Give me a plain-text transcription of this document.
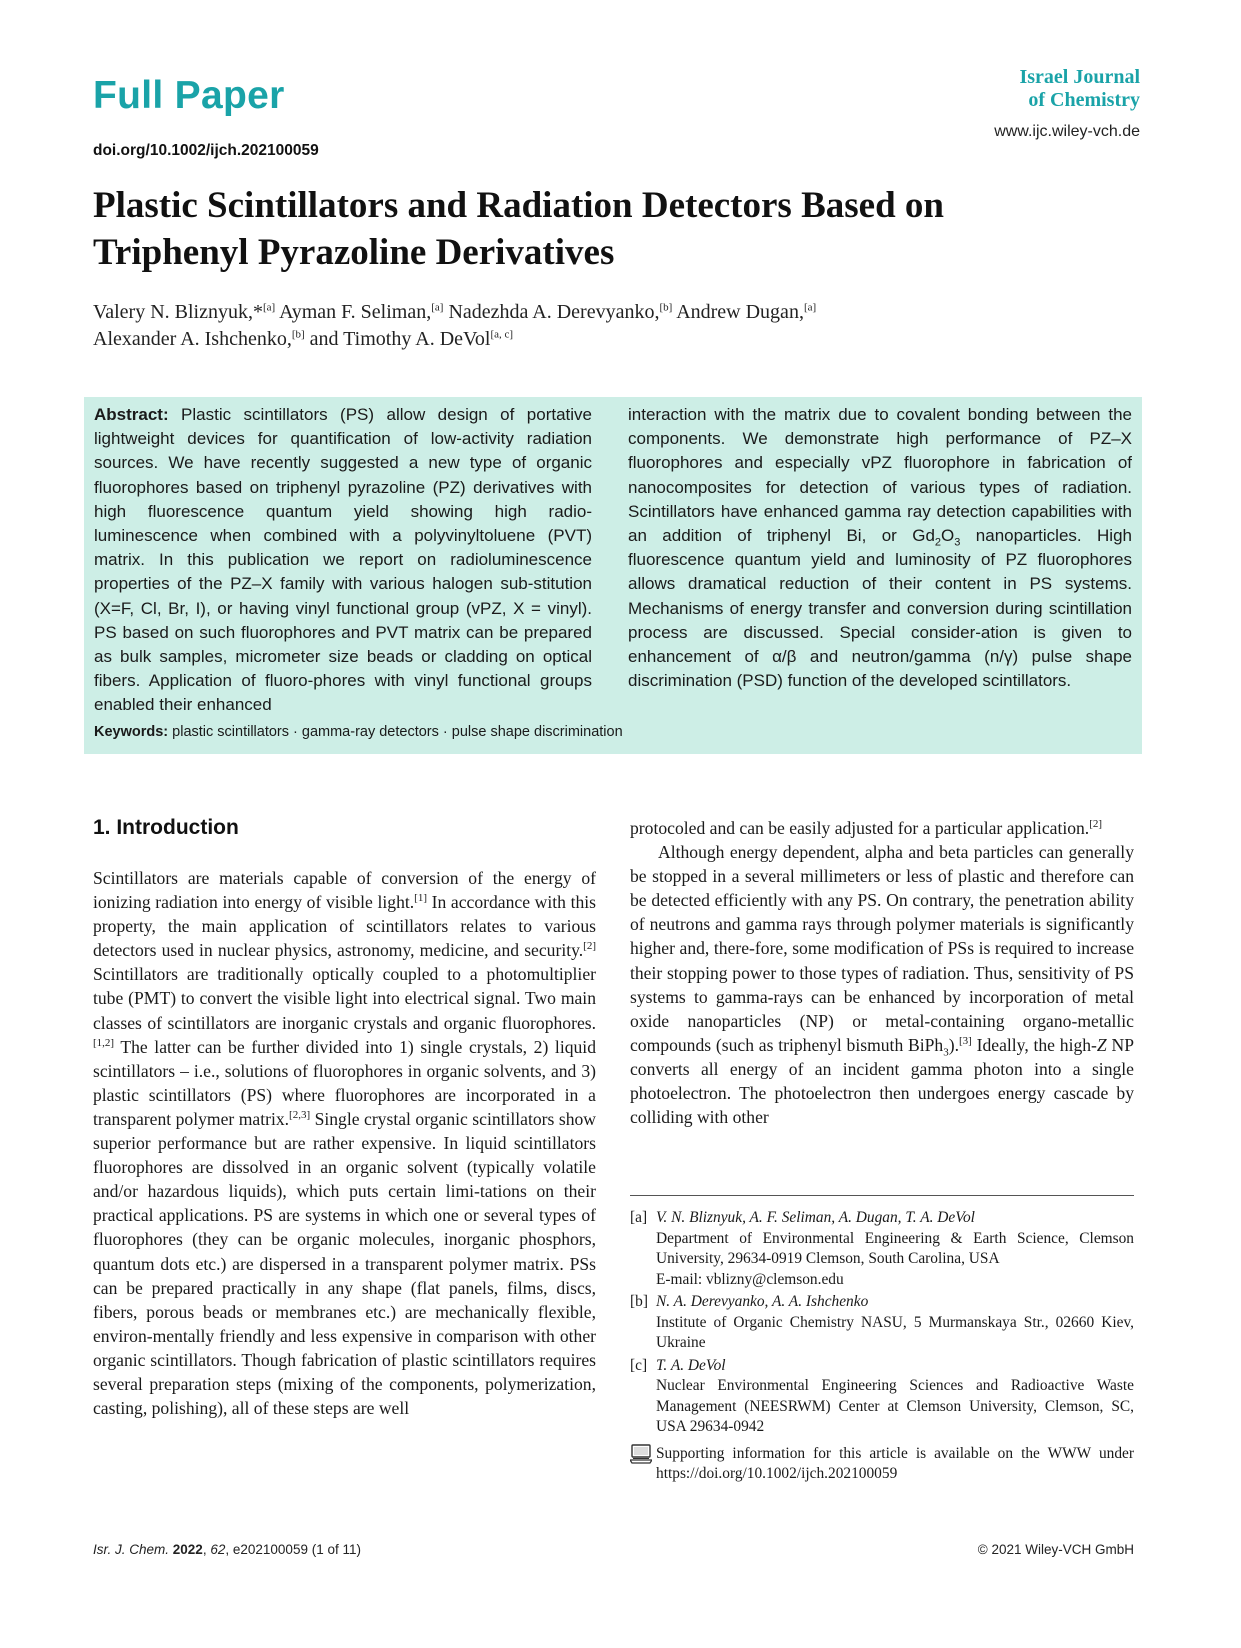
Full Paper
doi.org/10.1002/ijch.202100059
Israel Journal
of Chemistry
www.ijc.wiley-vch.de
Plastic Scintillators and Radiation Detectors Based on
Triphenyl Pyrazoline Derivatives
Valery N. Bliznyuk,*[a] Ayman F. Seliman,[a] Nadezhda A. Derevyanko,[b] Andrew Dugan,[a]
Alexander A. Ishchenko,[b] and Timothy A. DeVol[a, c]
Abstract: Plastic scintillators (PS) allow design of portative lightweight devices for quantification of low-activity radiation sources. We have recently suggested a new type of organic fluorophores based on triphenyl pyrazoline (PZ) derivatives with high fluorescence quantum yield showing high radio-luminescence when combined with a polyvinyltoluene (PVT) matrix. In this publication we report on radioluminescence properties of the PZ–X family with various halogen sub-stitution (X=F, Cl, Br, I), or having vinyl functional group (vPZ, X = vinyl). PS based on such fluorophores and PVT matrix can be prepared as bulk samples, micrometer size beads or cladding on optical fibers. Application of fluoro-phores with vinyl functional groups enabled their enhanced
interaction with the matrix due to covalent bonding between the components. We demonstrate high performance of PZ–X fluorophores and especially vPZ fluorophore in fabrication of nanocomposites for detection of various types of radiation. Scintillators have enhanced gamma ray detection capabilities with an addition of triphenyl Bi, or $Gd_2O_3$ nanoparticles. High fluorescence quantum yield and luminosity of PZ fluorophores allows dramatical reduction of their content in PS systems. Mechanisms of energy transfer and conversion during scintillation process are discussed. Special consider-ation is given to enhancement of α/β and neutron/gamma (n/γ) pulse shape discrimination (PSD) function of the developed scintillators.
Keywords: plastic scintillators · gamma-ray detectors · pulse shape discrimination
1. Introduction
Scintillators are materials capable of conversion of the energy of ionizing radiation into energy of visible light.[1] In accordance with this property, the main application of scintillators relates to various detectors used in nuclear physics, astronomy, medicine, and security.[2] Scintillators are traditionally optically coupled to a photomultiplier tube (PMT) to convert the visible light into electrical signal. Two main classes of scintillators are inorganic crystals and organic fluorophores.[1,2] The latter can be further divided into 1) single crystals, 2) liquid scintillators – i.e., solutions of fluorophores in organic solvents, and 3) plastic scintillators (PS) where fluorophores are incorporated in a transparent polymer matrix.[2,3] Single crystal organic scintillators show superior performance but are rather expensive. In liquid scintillators fluorophores are dissolved in an organic solvent (typically volatile and/or hazardous liquids), which puts certain limi-tations on their practical applications. PS are systems in which one or several types of fluorophores (they can be organic molecules, inorganic phosphors, quantum dots etc.) are dispersed in a transparent polymer matrix. PSs can be prepared practically in any shape (flat panels, films, discs, fibers, porous beads or membranes etc.) are mechanically flexible, environ-mentally friendly and less expensive in comparison with other organic scintillators. Though fabrication of plastic scintillators requires several preparation steps (mixing of the components, polymerization, casting, polishing), all of these steps are well
protocoled and can be easily adjusted for a particular application.[2]
Although energy dependent, alpha and beta particles can generally be stopped in a several millimeters or less of plastic and therefore can be detected efficiently with any PS. On contrary, the penetration ability of neutrons and gamma rays through polymer materials is significantly higher and, there-fore, some modification of PSs is required to increase their stopping power to those types of radiation. Thus, sensitivity of PS systems to gamma-rays can be enhanced by incorporation of metal oxide nanoparticles (NP) or metal-containing organo-metallic compounds (such as triphenyl bismuth BiPh$_3$).[3] Ideally, the high-Z NP converts all energy of an incident gamma photon into a single photoelectron. The photoelectron then undergoes energy cascade by colliding with other
[a] V. N. Bliznyuk, A. F. Seliman, A. Dugan, T. A. DeVol
Department of Environmental Engineering & Earth Science, Clemson University, 29634-0919 Clemson, South Carolina, USA
E-mail: vblizny@clemson.edu
[b] N. A. Derevyanko, A. A. Ishchenko
Institute of Organic Chemistry NASU, 5 Murmanskaya Str., 02660 Kiev, Ukraine
[c] T. A. DeVol
Nuclear Environmental Engineering Sciences and Radioactive Waste Management (NEESRWM) Center at Clemson University, Clemson, SC, USA 29634-0942
Supporting information for this article is available on the WWW under https://doi.org/10.1002/ijch.202100059
Isr. J. Chem. 2022, 62, e202100059 (1 of 11)	© 2021 Wiley-VCH GmbH
